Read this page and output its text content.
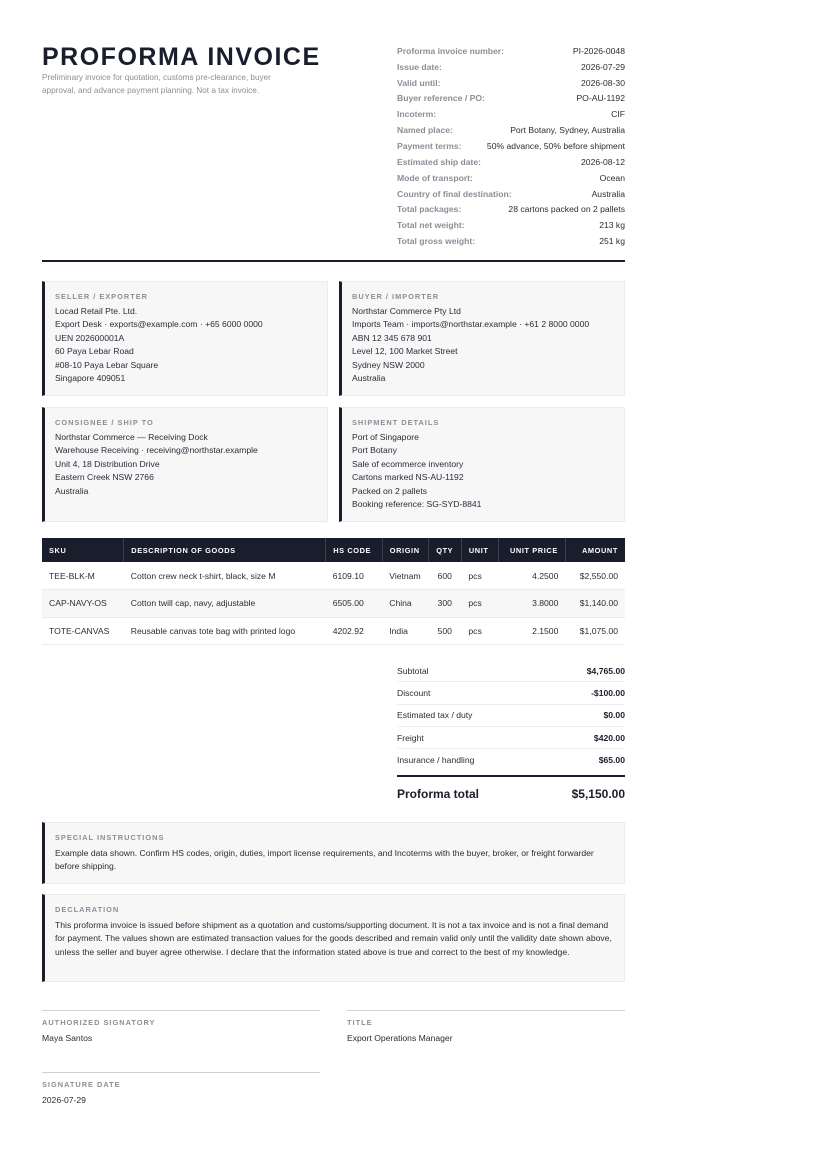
PROFORMA INVOICE
Preliminary invoice for quotation, customs pre-clearance, buyer approval, and advance payment planning. Not a tax invoice.
Proforma invoice number:	PI-2026-0048
Issue date:	2026-07-29
Valid until:	2026-08-30
Buyer reference / PO:	PO-AU-1192
Incoterm:	CIF
Named place:	Port Botany, Sydney, Australia
Payment terms:	50% advance, 50% before shipment
Estimated ship date:	2026-08-12
Mode of transport:	Ocean
Country of final destination:	Australia
Total packages:	28 cartons packed on 2 pallets
Total net weight:	213 kg
Total gross weight:	251 kg
SELLER / EXPORTER
Locad Retail Pte. Ltd.
Export Desk · exports@example.com · +65 6000 0000
UEN 202600001A
60 Paya Lebar Road
#08-10 Paya Lebar Square
Singapore 409051
BUYER / IMPORTER
Northstar Commerce Pty Ltd
Imports Team · imports@northstar.example · +61 2 8000 0000
ABN 12 345 678 901
Level 12, 100 Market Street
Sydney NSW 2000
Australia
CONSIGNEE / SHIP TO
Northstar Commerce — Receiving Dock
Warehouse Receiving · receiving@northstar.example
Unit 4, 18 Distribution Drive
Eastern Creek NSW 2766
Australia
SHIPMENT DETAILS
Port of Singapore
Port Botany
Sale of ecommerce inventory
Cartons marked NS-AU-1192
Packed on 2 pallets
Booking reference: SG-SYD-8841
SKU	DESCRIPTION OF GOODS	HS CODE	ORIGIN	QTY	UNIT	UNIT PRICE	AMOUNT
TEE-BLK-M	Cotton crew neck t-shirt, black, size M	6109.10	Vietnam	600	pcs	4.2500	$2,550.00
CAP-NAVY-OS	Cotton twill cap, navy, adjustable	6505.00	China	300	pcs	3.8000	$1,140.00
TOTE-CANVAS	Reusable canvas tote bag with printed logo	4202.92	India	500	pcs	2.1500	$1,075.00
Subtotal	$4,765.00
Discount	-$100.00
Estimated tax / duty	$0.00
Freight	$420.00
Insurance / handling	$65.00
Proforma total	$5,150.00
SPECIAL INSTRUCTIONS
Example data shown. Confirm HS codes, origin, duties, import license requirements, and Incoterms with the buyer, broker, or freight forwarder before shipping.
DECLARATION
This proforma invoice is issued before shipment as a quotation and customs/supporting document. It is not a tax invoice and is not a final demand for payment. The values shown are estimated transaction values for the goods described and remain valid only until the validity date shown above, unless the seller and buyer agree otherwise. I declare that the information stated above is true and correct to the best of my knowledge.
AUTHORIZED SIGNATORY
Maya Santos
TITLE
Export Operations Manager
SIGNATURE DATE
2026-07-29
